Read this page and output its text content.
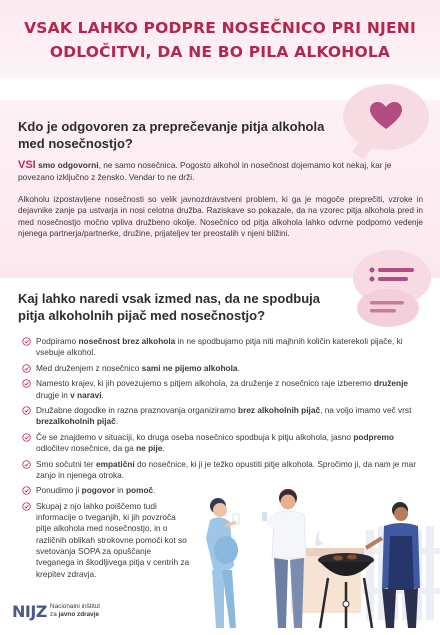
VSAK LAHKO PODPRE NOSEČNICO PRI NJENI
ODLOČITVI, DA NE BO PILA ALKOHOLA
Kdo je odgovoren za preprečevanje pitja alkohola
med nosečnostjo?

VSI smo odgovorni, ne samo nosečnica. Pogosto alkohol in nosečnost dojemamo kot nekaj, kar je povezano izključno z žensko. Vendar to ne drži.

Alkoholu izpostavljene nosečnosti so velik javnozdravstveni problem, ki ga je mogoče preprečiti, vzroke in dejavnike zanje pa ustvarja in nosi celotna družba. Raziskave so pokazale, da na vzorec pitja alkohola pred in med nosečnostjo močno vpliva družbeno okolje. Nosečnico od pitja alkohola lahko odvrne podporno vedenje njenega partnerja/partnerke, družine, prijateljev ter preostalih v njeni bližini.

Kaj lahko naredi vsak izmed nas, da ne spodbuja
pitja alkoholnih pijač med nosečnostjo?
Podpiramo nosečnost brez alkohola in ne spodbujamo pitja niti majhnih količin katerekoli pijače, ki vsebuje alkohol.
Med druženjem z nosečnico sami ne pijemo alkohola.
Namesto krajev, ki jih povezujemo s pitjem alkohola, za druženje z nosečnico raje izberemo druženje drugje in v naravi.
Družabne dogodke in razna praznovanja organiziramo brez alkoholnih pijač, na voljo imamo več vrst brezalkoholnih pijač.
Če se znajdemo v situaciji, ko druga oseba nosečnico spodbuja k pitju alkohola, jasno podpremo odločitev nosečnice, da ga ne pije.
Smo sočutni ter empatični do nosečnice, ki ji je težko opustiti pitje alkohola. Spročimo ji, da nam je mar zanjo in njenega otroka.
Ponudimo ji pogovor in pomoč.
Skupaj z njo lahko poiščemo tudi informacije o tveganjih, ki jih povzroča pitje alkohola med nosečnostjo, in o različnih oblikah strokovne pomoči kot so svetovanja SOPA za opuščanje tveganega in škodljivega pitja v centrih za krepitev zdravja.
NIJZ Nacionalni inštitut
za javno zdravje
